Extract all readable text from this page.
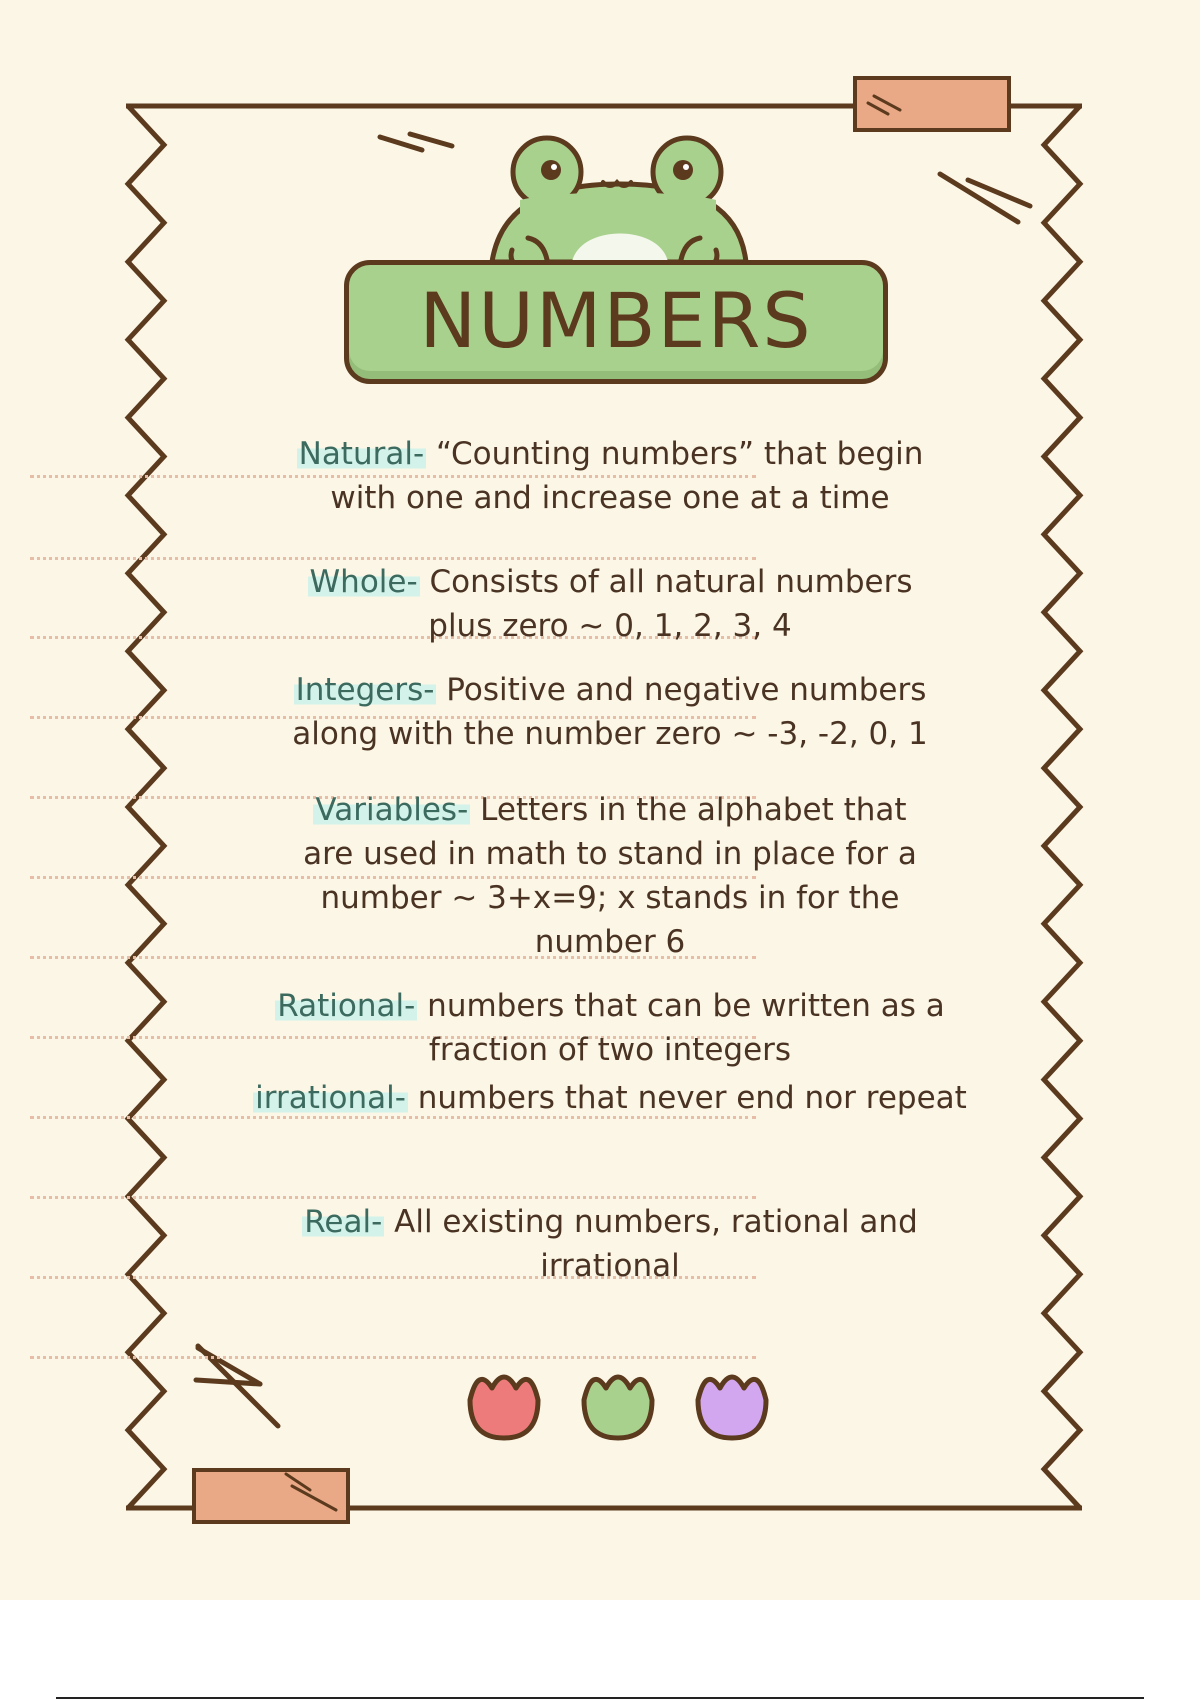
NUMBERS
Natural- “Counting numbers” that begin
with one and increase one at a time
Whole- Consists of all natural numbers
plus zero ~ 0, 1, 2, 3, 4
Integers- Positive and negative numbers
along with the number zero ~ -3, -2, 0, 1
Variables- Letters in the alphabet that
are used in math to stand in place for a
number ~ 3+x=9; x stands in for the
number 6
Rational- numbers that can be written as a
fraction of two integers
irrational- numbers that never end nor repeat
Real- All existing numbers, rational and
irrational
